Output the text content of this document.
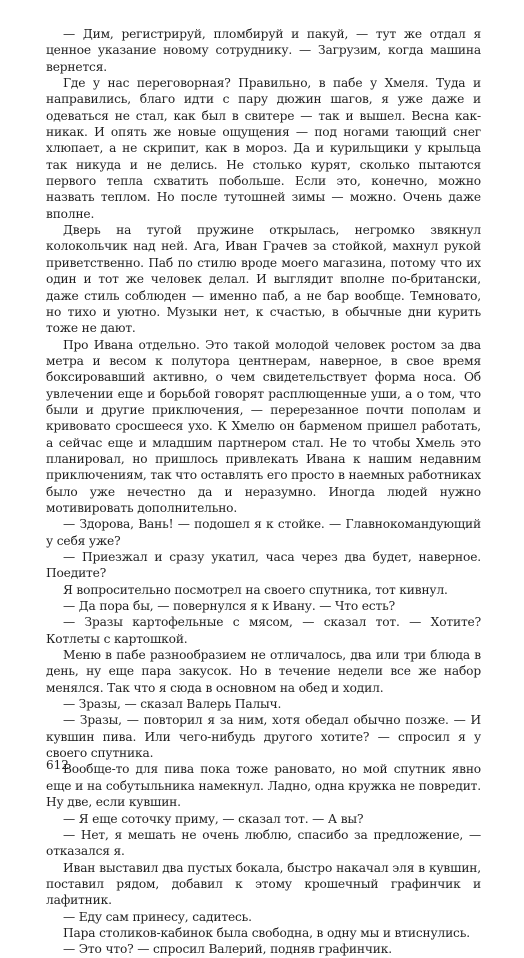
— Дим, регистрируй, пломбируй и пакуй, — тут же отдал я ценное указание новому сотруднику. — Загрузим, когда машина вернется.

Где у нас переговорная? Правильно, в пабе у Хмеля. Туда и направились, благо идти с пару дюжин шагов, я уже даже и одеваться не стал, как был в свитере — так и вышел. Весна как-никак. И опять же новые ощущения — под ногами тающий снег хлюпает, а не скрипит, как в мороз. Да и курильщики у крыльца так никуда и не делись. Не столько курят, сколько пытаются первого тепла схватить побольше. Если это, конечно, можно назвать теплом. Но после тутошней зимы — можно. Очень даже вполне.

Дверь на тугой пружине открылась, негромко звякнул колокольчик над ней. Ага, Иван Грачев за стойкой, махнул рукой приветственно. Паб по стилю вроде моего магазина, потому что их один и тот же человек делал. И выглядит вполне по-британски, даже стиль соблюден — именно паб, а не бар вообще. Темновато, но тихо и уютно. Музыки нет, к счастью, в обычные дни курить тоже не дают.

Про Ивана отдельно. Это такой молодой человек ростом за два метра и весом к полутора центнерам, наверное, в свое время боксировавший активно, о чем свидетельствует форма носа. Об увлечении еще и борьбой говорят расплющенные уши, а о том, что были и другие приключения, — перерезанное почти пополам и кривовато сросшееся ухо. К Хмелю он барменом пришел работать, а сейчас еще и младшим партнером стал. Не то чтобы Хмель это планировал, но пришлось привлекать Ивана к нашим недавним приключениям, так что оставлять его просто в наемных работниках было уже нечестно да и неразумно. Иногда людей нужно мотивировать дополнительно.

— Здорова, Вань! — подошел я к стойке. — Главнокомандующий у себя уже?

— Приезжал и сразу укатил, часа через два будет, наверное. Поедите?

Я вопросительно посмотрел на своего спутника, тот кивнул.

— Да пора бы, — повернулся я к Ивану. — Что есть?

— Зразы картофельные с мясом, — сказал тот. — Хотите? Котлеты с картошкой.

Меню в пабе разнообразием не отличалось, два или три блюда в день, ну еще пара закусок. Но в течение недели все же набор менялся. Так что я сюда в основном на обед и ходил.

— Зразы, — сказал Валерь Палыч.

— Зразы, — повторил я за ним, хотя обедал обычно позже. — И кувшин пива. Или чего-нибудь другого хотите? — спросил я у своего спутника.

Вообще-то для пива пока тоже рановато, но мой спутник явно еще и на собутыльника намекнул. Ладно, одна кружка не повредит. Ну две, если кувшин.

— Я еще соточку приму, — сказал тот. — А вы?

— Нет, я мешать не очень люблю, спасибо за предложение, — отказался я.

Иван выставил два пустых бокала, быстро накачал эля в кувшин, поставил рядом, добавил к этому крошечный графинчик и лафитник.

— Еду сам принесу, садитесь.

Пара столиков-кабинок была свободна, в одну мы и втиснулись.

— Это что? — спросил Валерий, подняв графинчик.

612
